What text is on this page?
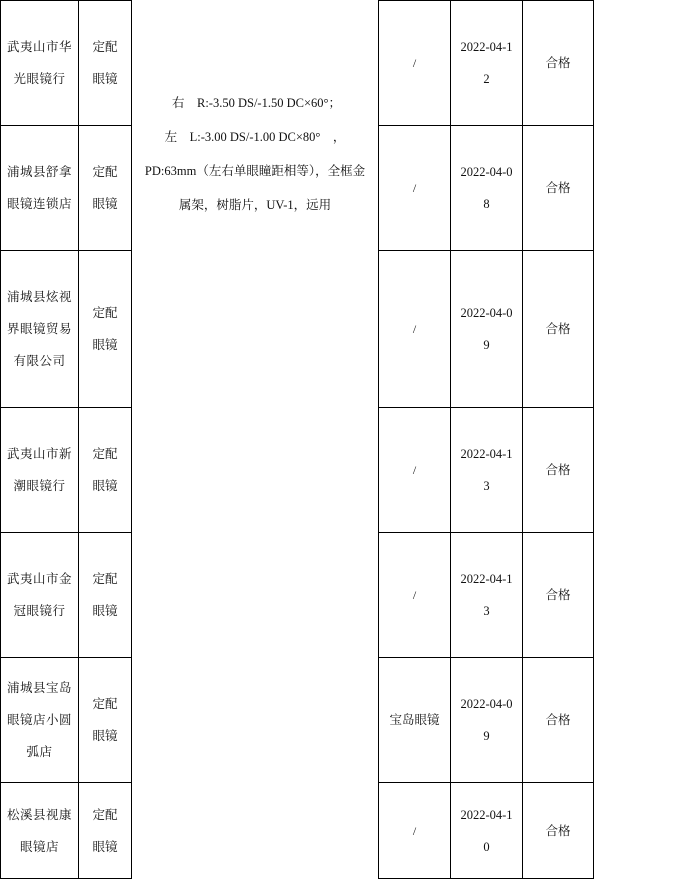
武夷山市华光眼镜行	定配眼镜	右　R:-3.50 DS/-1.50 DC×60°；
左　L:-3.00 DS/-1.00 DC×80°　，PD:63mm（左右单眼瞳距相等），全框金属架，树脂片，UV-1，远用	/	2022-04-12	合格	

浦城县舒拿眼镜连锁店	定配眼镜		/	2022-04-08	合格	

浦城县炫视界眼镜贸易有限公司	定配眼镜		/	2022-04-09	合格	

武夷山市新潮眼镜行	定配眼镜		/	2022-04-13	合格	

武夷山市金冠眼镜行	定配眼镜		/	2022-04-13	合格	

浦城县宝岛眼镜店小圆弧店	定配眼镜		宝岛眼镜	2022-04-09	合格	

松溪县视康眼镜店	定配眼镜		/	2022-04-10	合格	
